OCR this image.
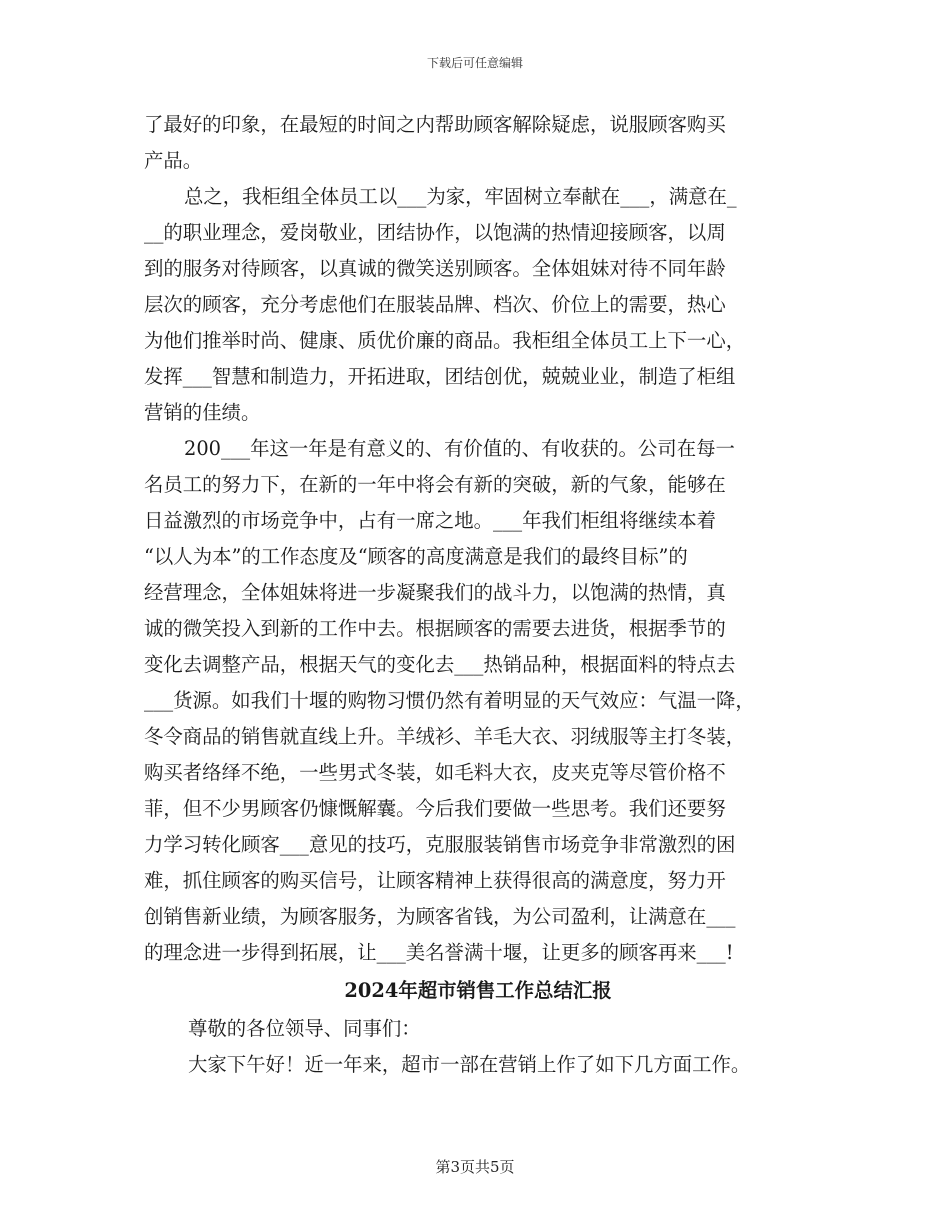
下载后可任意编辑
了最好的印象，在最短的时间之内帮助顾客解除疑虑，说服顾客购买
产品。
总之，我柜组全体员工以___为家，牢固树立奉献在___，满意在_
__的职业理念，爱岗敬业，团结协作，以饱满的热情迎接顾客，以周
到的服务对待顾客，以真诚的微笑送别顾客。全体姐妹对待不同年龄
层次的顾客，充分考虑他们在服装品牌、档次、价位上的需要，热心
为他们推举时尚、健康、质优价廉的商品。我柜组全体员工上下一心，
发挥___智慧和制造力，开拓进取，团结创优，兢兢业业，制造了柜组
营销的佳绩。
200___年这一年是有意义的、有价值的、有收获的。公司在每一
名员工的努力下，在新的一年中将会有新的突破，新的气象，能够在
日益激烈的市场竞争中，占有一席之地。___年我们柜组将继续本着
“以人为本”的工作态度及“顾客的高度满意是我们的最终目标”的
经营理念，全体姐妹将进一步凝聚我们的战斗力，以饱满的热情，真
诚的微笑投入到新的工作中去。根据顾客的需要去进货，根据季节的
变化去调整产品，根据天气的变化去___热销品种，根据面料的特点去
___货源。如我们十堰的购物习惯仍然有着明显的天气效应：气温一降，
冬令商品的销售就直线上升。羊绒衫、羊毛大衣、羽绒服等主打冬装，
购买者络绎不绝，一些男式冬装，如毛料大衣，皮夹克等尽管价格不
菲，但不少男顾客仍慷慨解囊。今后我们要做一些思考。我们还要努
力学习转化顾客___意见的技巧，克服服装销售市场竞争非常激烈的困
难，抓住顾客的购买信号，让顾客精神上获得很高的满意度，努力开
创销售新业绩，为顾客服务，为顾客省钱，为公司盈利，让满意在___
的理念进一步得到拓展，让___美名誉满十堰，让更多的顾客再来___!
2024年超市销售工作总结汇报
尊敬的各位领导、同事们：
大家下午好！近一年来，超市一部在营销上作了如下几方面工作。
第3页共5页
